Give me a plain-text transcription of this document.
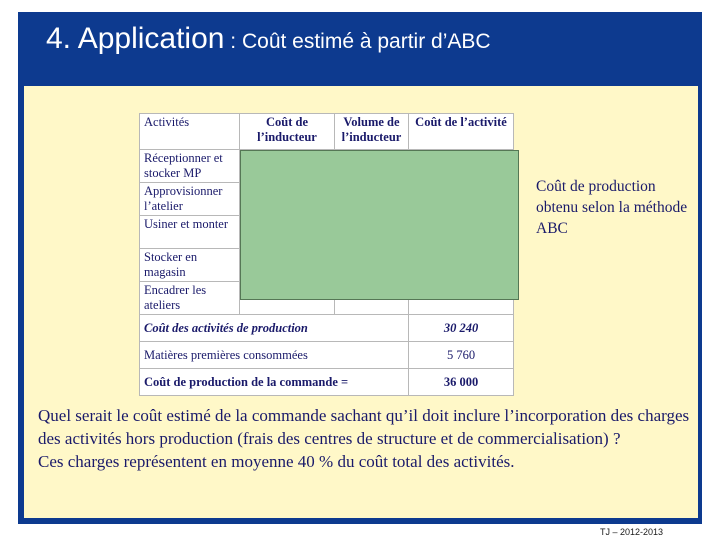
4. Application : Coût estimé à partir d’ABC
Activités	Coût de l’inducteur	Volume de l’inducteur	Coût de l’activité
Réceptionner et stocker MP			
Approvisionner l’atelier			
Usiner et monter			
Stocker en magasin			
Encadrer les ateliers			
Coût des activités de production			30 240
Matières premières consommées			5 760
Coût de production de la commande =			36 000
Coût de production obtenu selon la méthode ABC
Quel serait le coût estimé de la commande sachant qu’il doit inclure l’incorporation des charges des activités hors production (frais des centres de structure et de commercialisation) ?
Ces charges représentent en moyenne 40 % du coût total des activités.
TJ – 2012-2013
